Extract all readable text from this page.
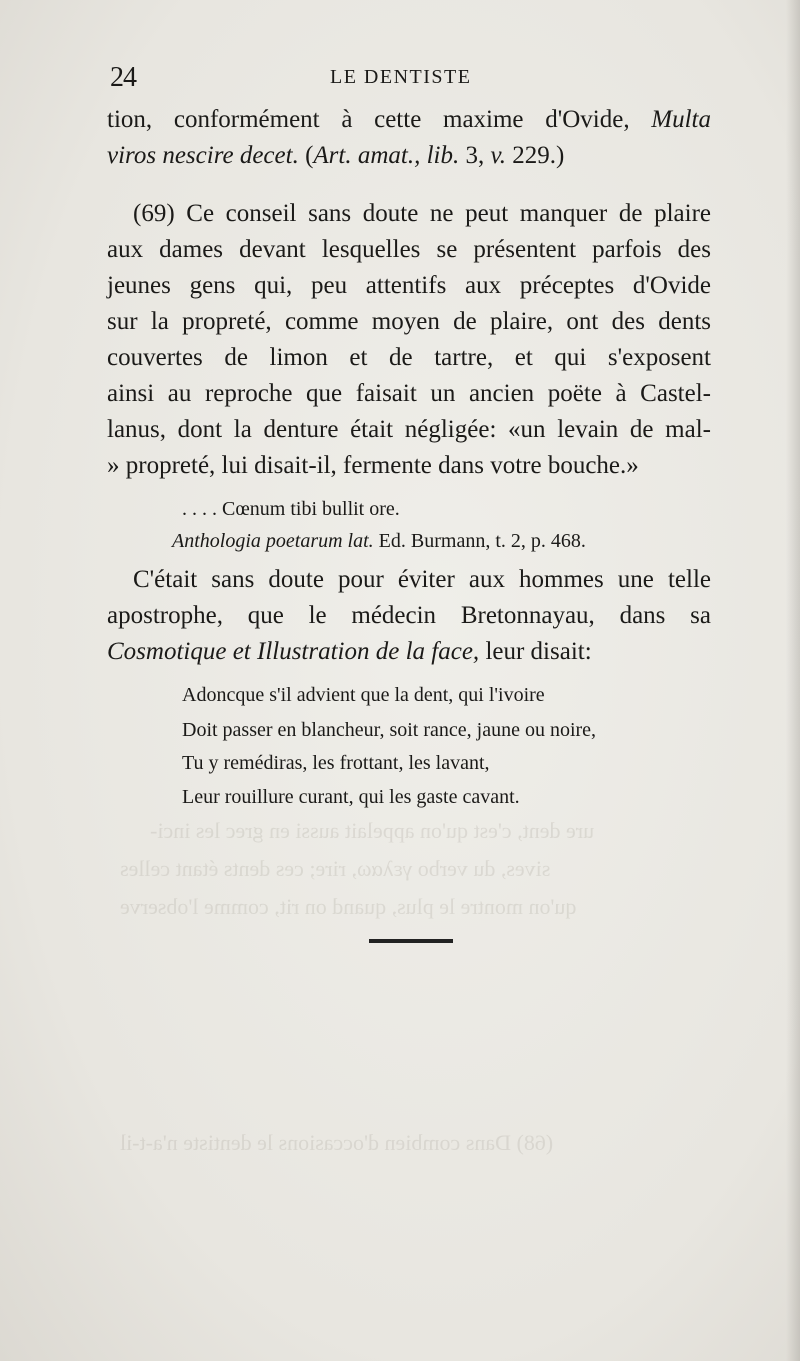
ure dent, c'est qu'on appelait aussi en grec les inci-
sives, du verbo γελαω, rire; ces dents étant celles
qu'on montre le plus, quand on rit, comme l'observe
(68) Dans combien d'occasions le dentiste n'a-t-il
24	LE DENTISTE
tion, conformément à cette maxime d'Ovide, Multa
viros nescire decet. (Art. amat., lib. 3, v. 229.)
(69) Ce conseil sans doute ne peut manquer de plaire
aux dames devant lesquelles se présentent parfois des
jeunes gens qui, peu attentifs aux préceptes d'Ovide
sur la propreté, comme moyen de plaire, ont des dents
couvertes de limon et de tartre, et qui s'exposent
ainsi au reproche que faisait un ancien poëte à Castel-
lanus, dont la denture était négligée: «un levain de mal-
» propreté, lui disait-il, fermente dans votre bouche.»
. . . . Cœnum tibi bullit ore.
Anthologia poetarum lat. Ed. Burmann, t. 2, p. 468.
C'était sans doute pour éviter aux hommes une telle
apostrophe, que le médecin Bretonnayau, dans sa
Cosmotique et Illustration de la face, leur disait:
Adoncque s'il advient que la dent, qui l'ivoire
Doit passer en blancheur, soit rance, jaune ou noire,
Tu y remédiras, les frottant, les lavant,
Leur rouillure curant, qui les gaste cavant.
